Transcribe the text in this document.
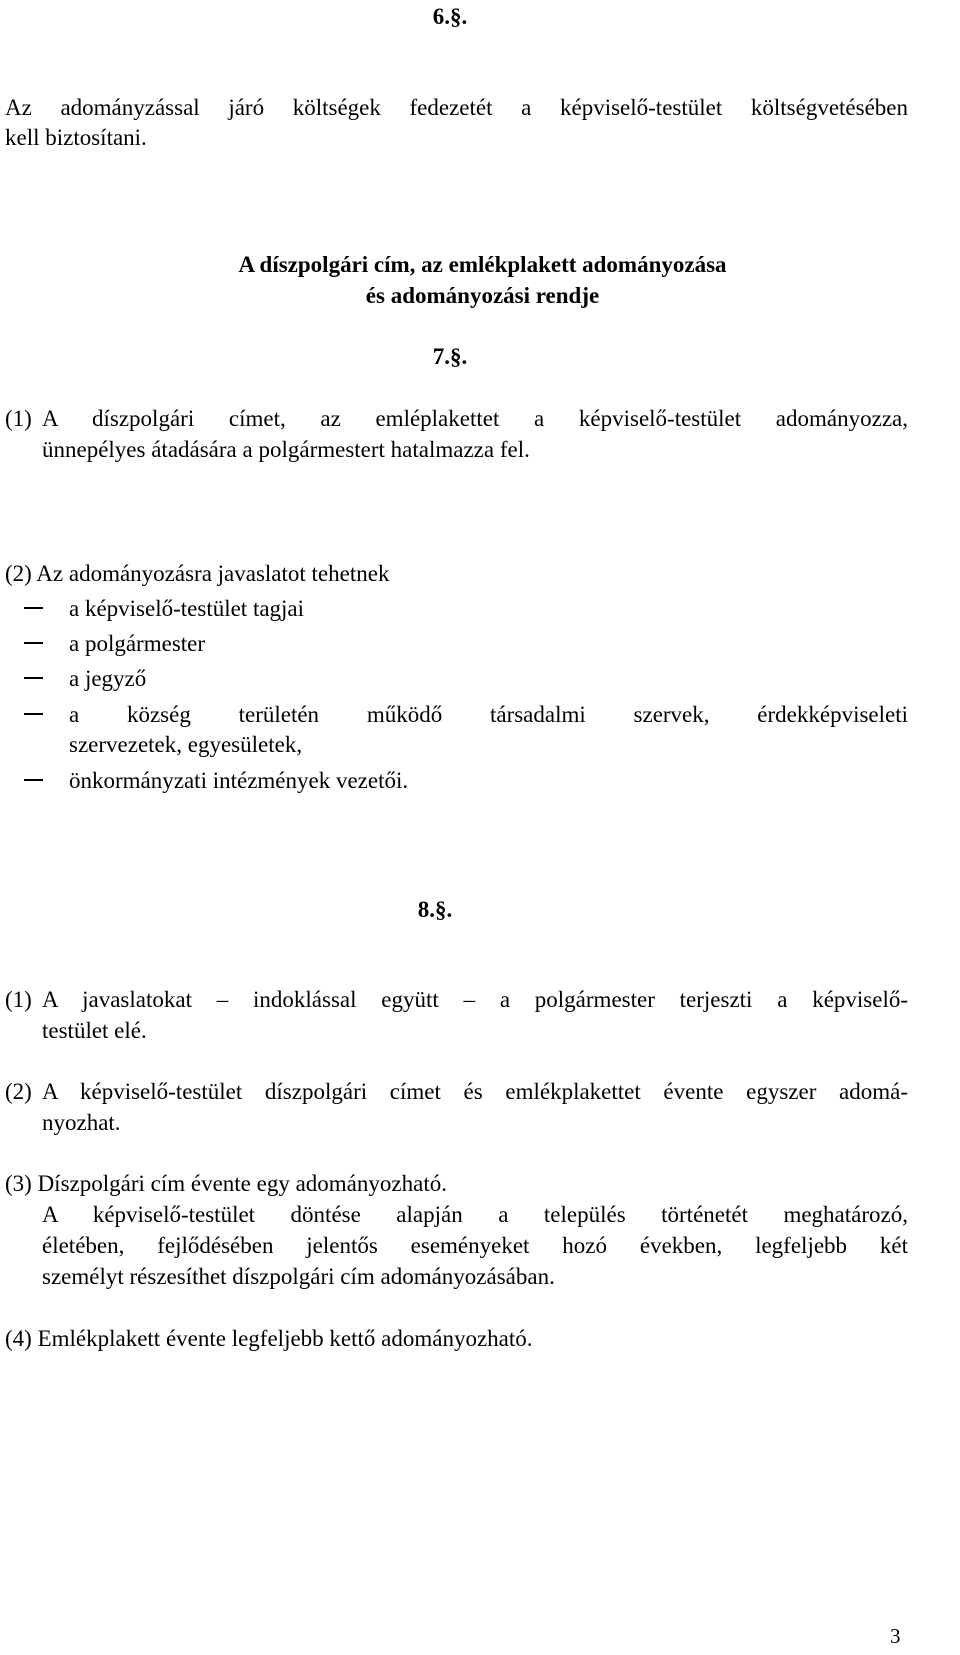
6.§.
Az adományzással járó költségek fedezetét a képviselő-testület költségvetésében
kell biztosítani.
A díszpolgári cím, az emlékplakett adományozása
és adományozási rendje
7.§.
(1) A díszpolgári címet, az emléplakettet a képviselő-testület adományozza,
ünnepélyes átadására a polgármestert hatalmazza fel.
(2) Az adományozásra javaslatot tehetnek
a képviselő-testület tagjai
a polgármester
a jegyző
a község területén működő társadalmi szervek, érdekképviseleti
szervezetek, egyesületek,
önkormányzati intézmények vezetői.
8.§.
(1) A javaslatokat – indoklással együtt – a polgármester terjeszti a képviselő-
testület elé.
(2) A képviselő-testület díszpolgári címet és emlékplakettet évente egyszer adomá-
nyozhat.
(3) Díszpolgári cím évente egy adományozható.
A képviselő-testület döntése alapján a település történetét meghatározó,
életében, fejlődésében jelentős eseményeket hozó években, legfeljebb két
személyt részesíthet díszpolgári cím adományozásában.
(4) Emlékplakett évente legfeljebb kettő adományozható.
3
